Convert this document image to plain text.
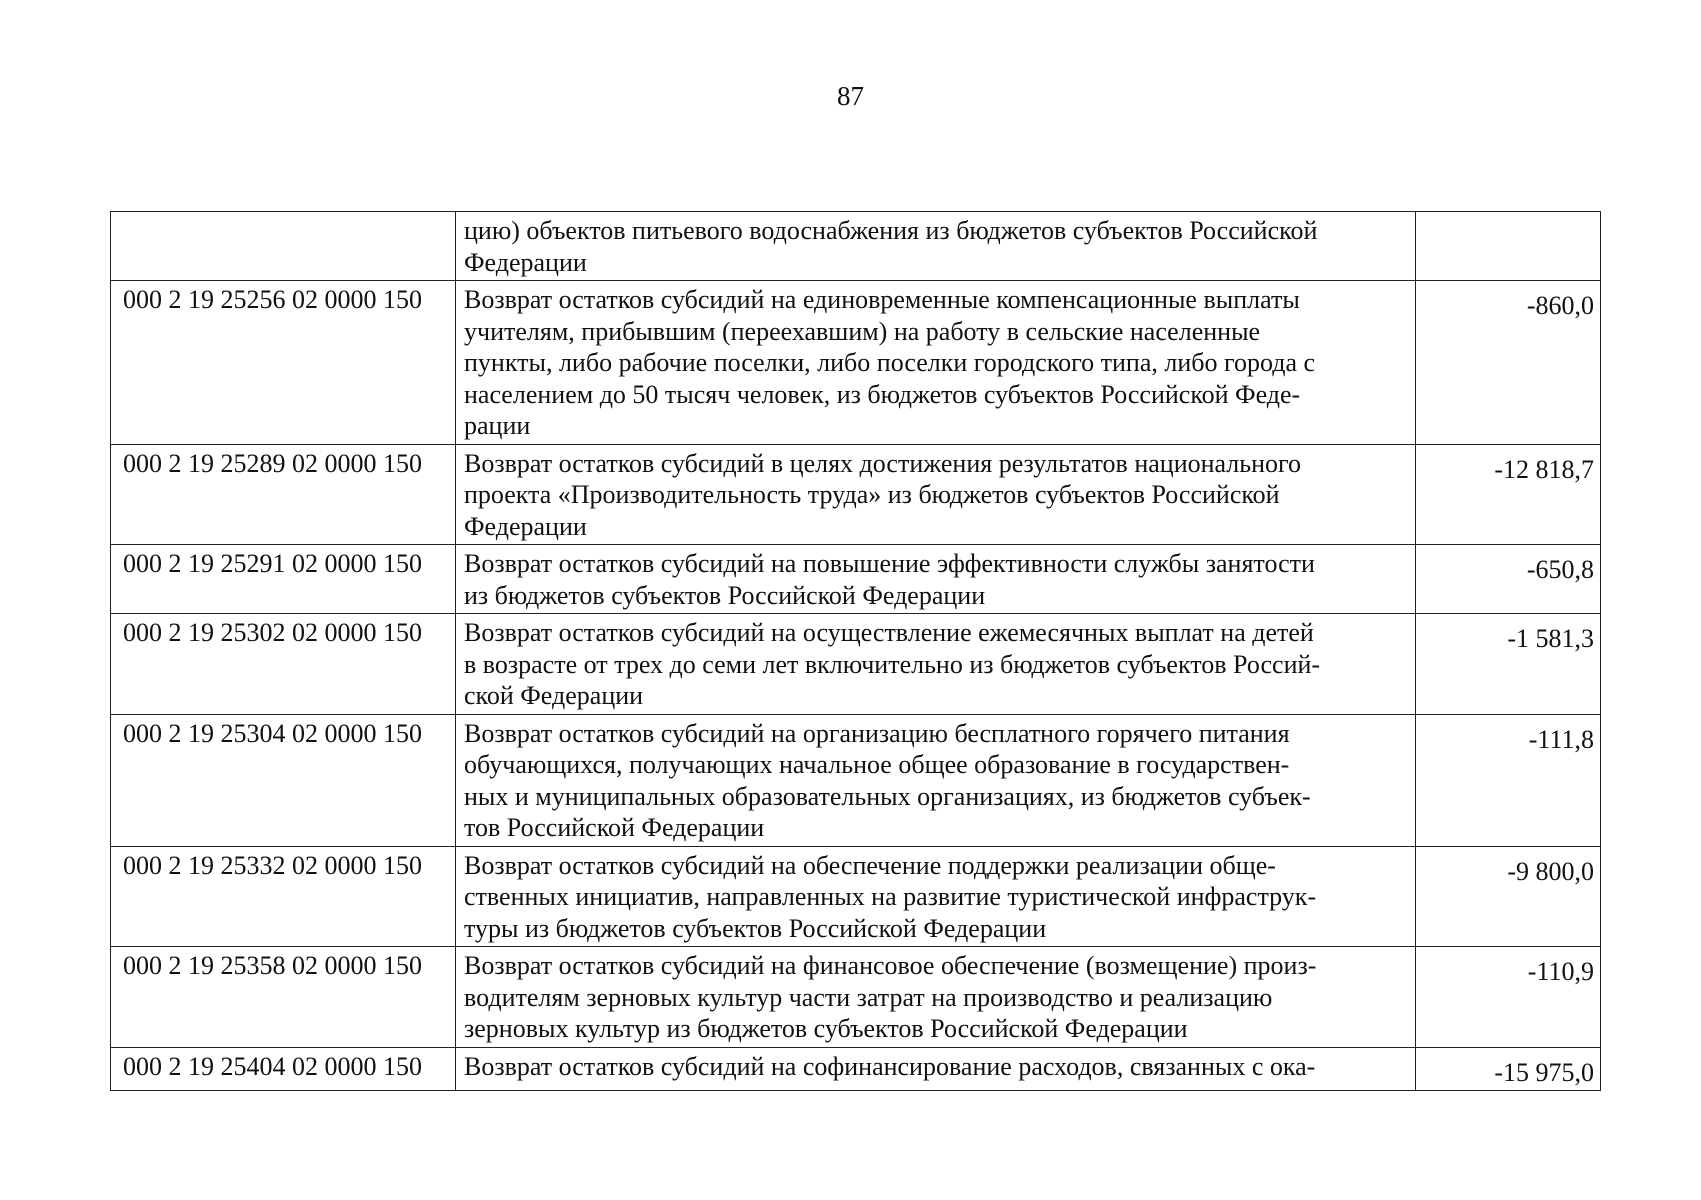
87

	цию) объектов питьевого водоснабжения из бюджетов субъектов Российской
Федерации	

000 2 19 25256 02 0000 150	Возврат остатков субсидий на единовременные компенсационные выплаты
учителям, прибывшим (переехавшим) на работу в сельские населенные
пункты, либо рабочие поселки, либо поселки городского типа, либо города с
населением до 50 тысяч человек, из бюджетов субъектов Российской Феде-
рации	-860,0
000 2 19 25289 02 0000 150	Возврат остатков субсидий в целях достижения результатов национального
проекта «Производительность труда» из бюджетов субъектов Российской
Федерации	-12 818,7
000 2 19 25291 02 0000 150	Возврат остатков субсидий на повышение эффективности службы занятости
из бюджетов субъектов Российской Федерации	-650,8
000 2 19 25302 02 0000 150	Возврат остатков субсидий на осуществление ежемесячных выплат на детей
в возрасте от трех до семи лет включительно из бюджетов субъектов Россий-
ской Федерации	-1 581,3
000 2 19 25304 02 0000 150	Возврат остатков субсидий на организацию бесплатного горячего питания
обучающихся, получающих начальное общее образование в государствен-
ных и муниципальных образовательных организациях, из бюджетов субъек-
тов Российской Федерации	-111,8
000 2 19 25332 02 0000 150	Возврат остатков субсидий на обеспечение поддержки реализации обще-
ственных инициатив, направленных на развитие туристической инфраструк-
туры из бюджетов субъектов Российской Федерации	-9 800,0
000 2 19 25358 02 0000 150	Возврат остатков субсидий на финансовое обеспечение (возмещение) произ-
водителям зерновых культур части затрат на производство и реализацию
зерновых культур из бюджетов субъектов Российской Федерации	-110,9
000 2 19 25404 02 0000 150	Возврат остатков субсидий на софинансирование расходов, связанных с ока-	-15 975,0
